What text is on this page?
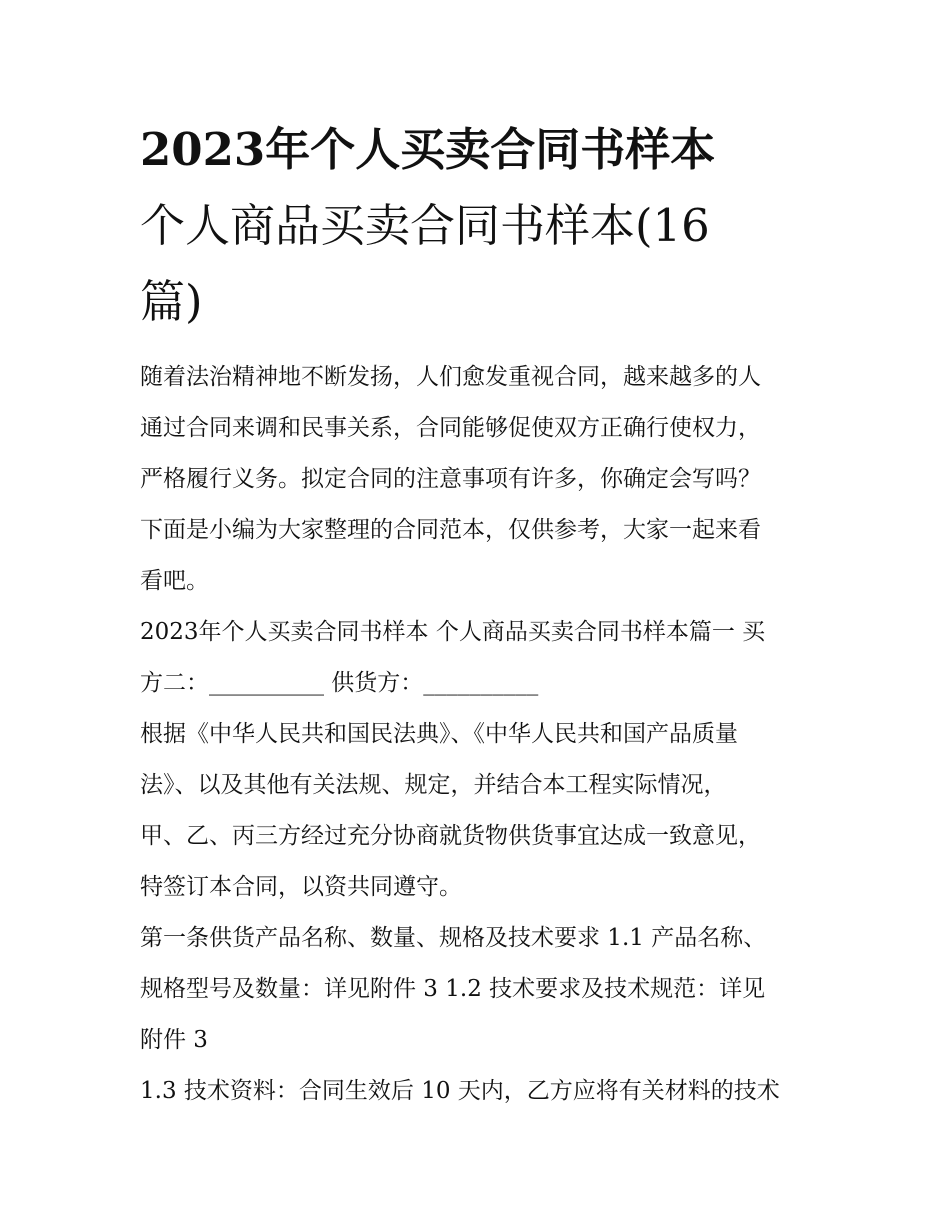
2023年个人买卖合同书样本
个人商品买卖合同书样本(16
篇)

随着法治精神地不断发扬，人们愈发重视合同，越来越多的人
通过合同来调和民事关系，合同能够促使双方正确行使权力，
严格履行义务。拟定合同的注意事项有许多，你确定会写吗？
下面是小编为大家整理的合同范本，仅供参考，大家一起来看
看吧。

2023年个人买卖合同书样本 个人商品买卖合同书样本篇一 买
方二：__________ 供货方：__________

根据《中华人民共和国民法典》、《中华人民共和国产品质量
法》、以及其他有关法规、规定，并结合本工程实际情况，
甲、乙、丙三方经过充分协商就货物供货事宜达成一致意见，
特签订本合同，以资共同遵守。

第一条供货产品名称、数量、规格及技术要求 1.1 产品名称、
规格型号及数量：详见附件 3 1.2 技术要求及技术规范：详见
附件 3

1.3 技术资料：合同生效后 10 天内，乙方应将有关材料的技术
